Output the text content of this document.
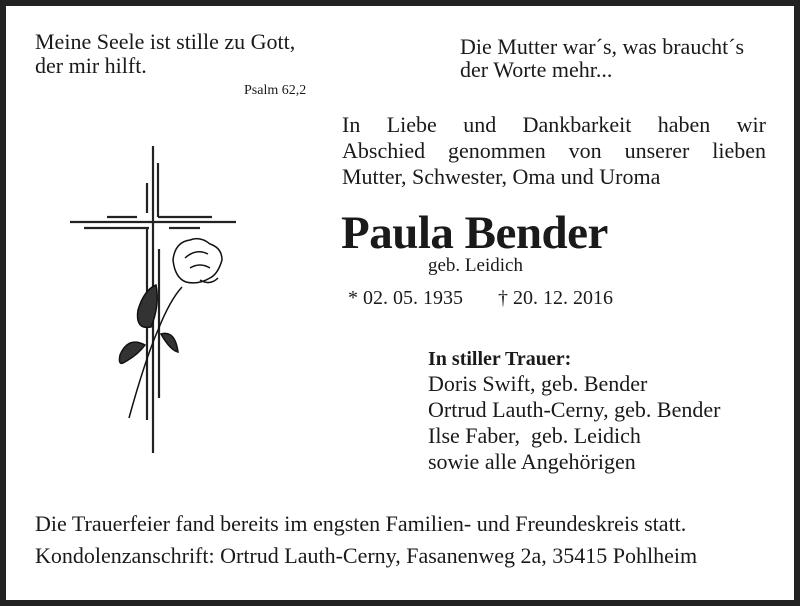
Meine Seele ist stille zu Gott,
der mir hilft.
Psalm 62,2
Die Mutter war´s, was braucht´s
der Worte mehr...
In Liebe und Dankbarkeit haben wir
Abschied genommen von unserer lieben
Mutter, Schwester, Oma und Uroma
Paula Bender
geb. Leidich
* 02. 05. 1935 † 20. 12. 2016
In stiller Trauer:
Doris Swift, geb. Bender
Ortrud Lauth-Cerny, geb. Bender
Ilse Faber,  geb. Leidich
sowie alle Angehörigen
Die Trauerfeier fand bereits im engsten Familien- und Freundeskreis statt.
Kondolenzanschrift: Ortrud Lauth-Cerny, Fasanenweg 2a, 35415 Pohlheim
